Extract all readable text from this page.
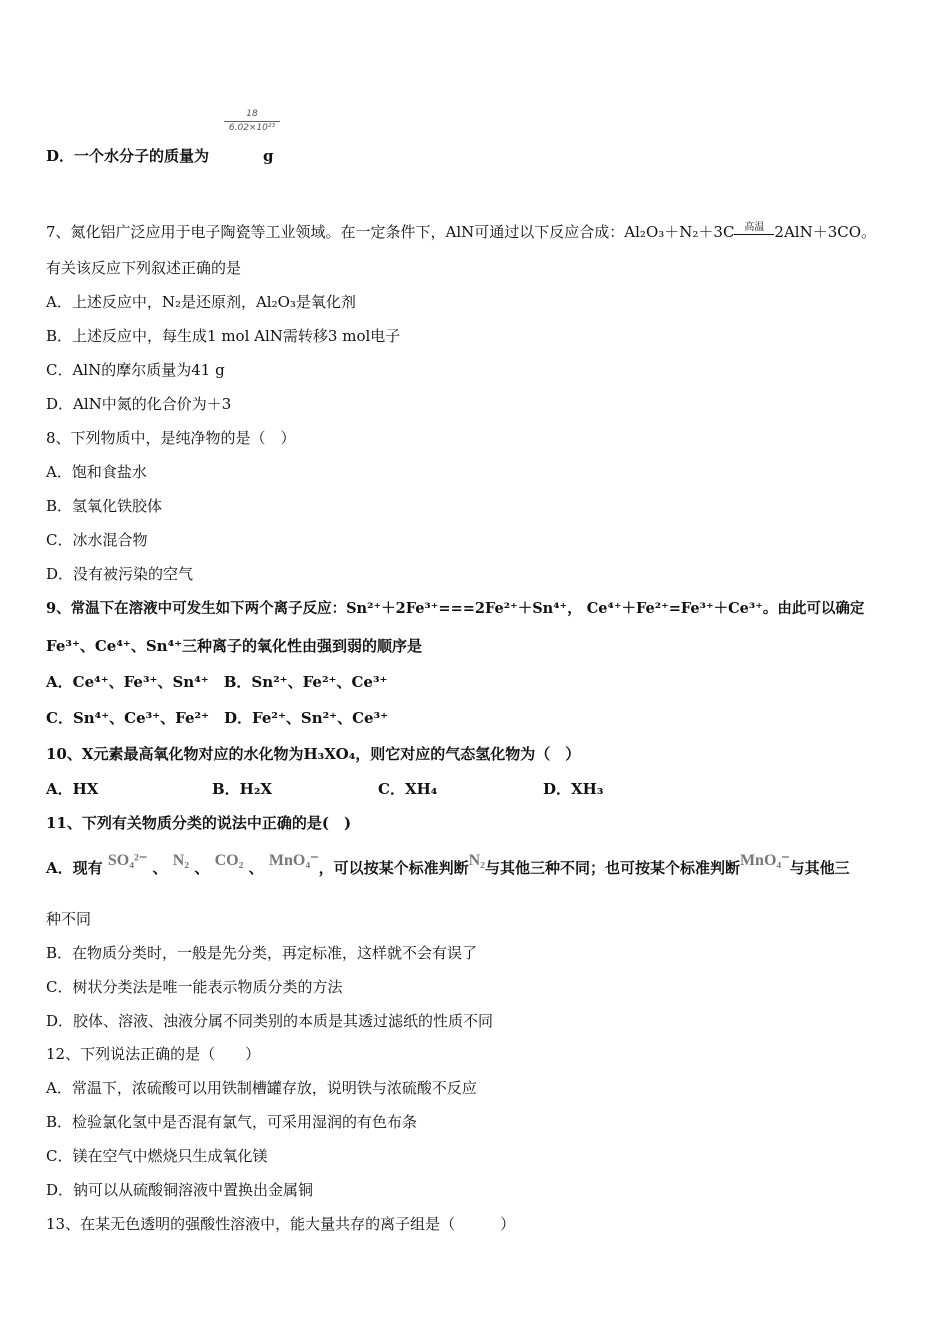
18
6.02×10²³
D．一个水分子的质量为	g
7、氮化铝广泛应用于电子陶瓷等工业领域。在一定条件下，AlN可通过以下反应合成：Al₂O₃＋N₂＋3C	高温 2AlN＋3CO。
有关该反应下列叙述正确的是
A．上述反应中，N₂是还原剂，Al₂O₃是氧化剂
B．上述反应中，每生成1 mol AlN需转移3 mol电子
C．AlN的摩尔质量为41 g
D．AlN中氮的化合价为＋3
8、下列物质中，是纯净物的是（　）
A．饱和食盐水
B．氢氧化铁胶体
C．冰水混合物
D．没有被污染的空气
9、常温下在溶液中可发生如下两个离子反应：Sn²⁺＋2Fe³⁺===2Fe²⁺＋Sn⁴⁺， Ce⁴⁺＋Fe²⁺=Fe³⁺＋Ce³⁺。由此可以确定
Fe³⁺、Ce⁴⁺、Sn⁴⁺三种离子的氧化性由强到弱的顺序是
A．Ce⁴⁺、Fe³⁺、Sn⁴⁺　B．Sn²⁺、Fe²⁺、Ce³⁺
C．Sn⁴⁺、Ce³⁺、Fe²⁺　D．Fe²⁺、Sn²⁺、Ce³⁺
10、X元素最高氧化物对应的水化物为H₃XO₄，则它对应的气态氢化物为（　）
A．HX	B．H₂X	C．XH₄	D．XH₃
11、下列有关物质分类的说法中正确的是(　)
A．现有 SO₄²⁻ 、 N₂ 、 CO₂ 、 MnO₄⁻，可以按某个标准判断N₂与其他三种不同；也可按某个标准判断MnO₄⁻与其他三
种不同
B．在物质分类时，一般是先分类，再定标准，这样就不会有误了
C．树状分类法是唯一能表示物质分类的方法
D．胶体、溶液、浊液分属不同类别的本质是其透过滤纸的性质不同
12、下列说法正确的是（　　）
A．常温下，浓硫酸可以用铁制槽罐存放，说明铁与浓硫酸不反应
B．检验氯化氢中是否混有氯气，可采用湿润的有色布条
C．镁在空气中燃烧只生成氧化镁
D．钠可以从硫酸铜溶液中置换出金属铜
13、在某无色透明的强酸性溶液中，能大量共存的离子组是（　　　）
